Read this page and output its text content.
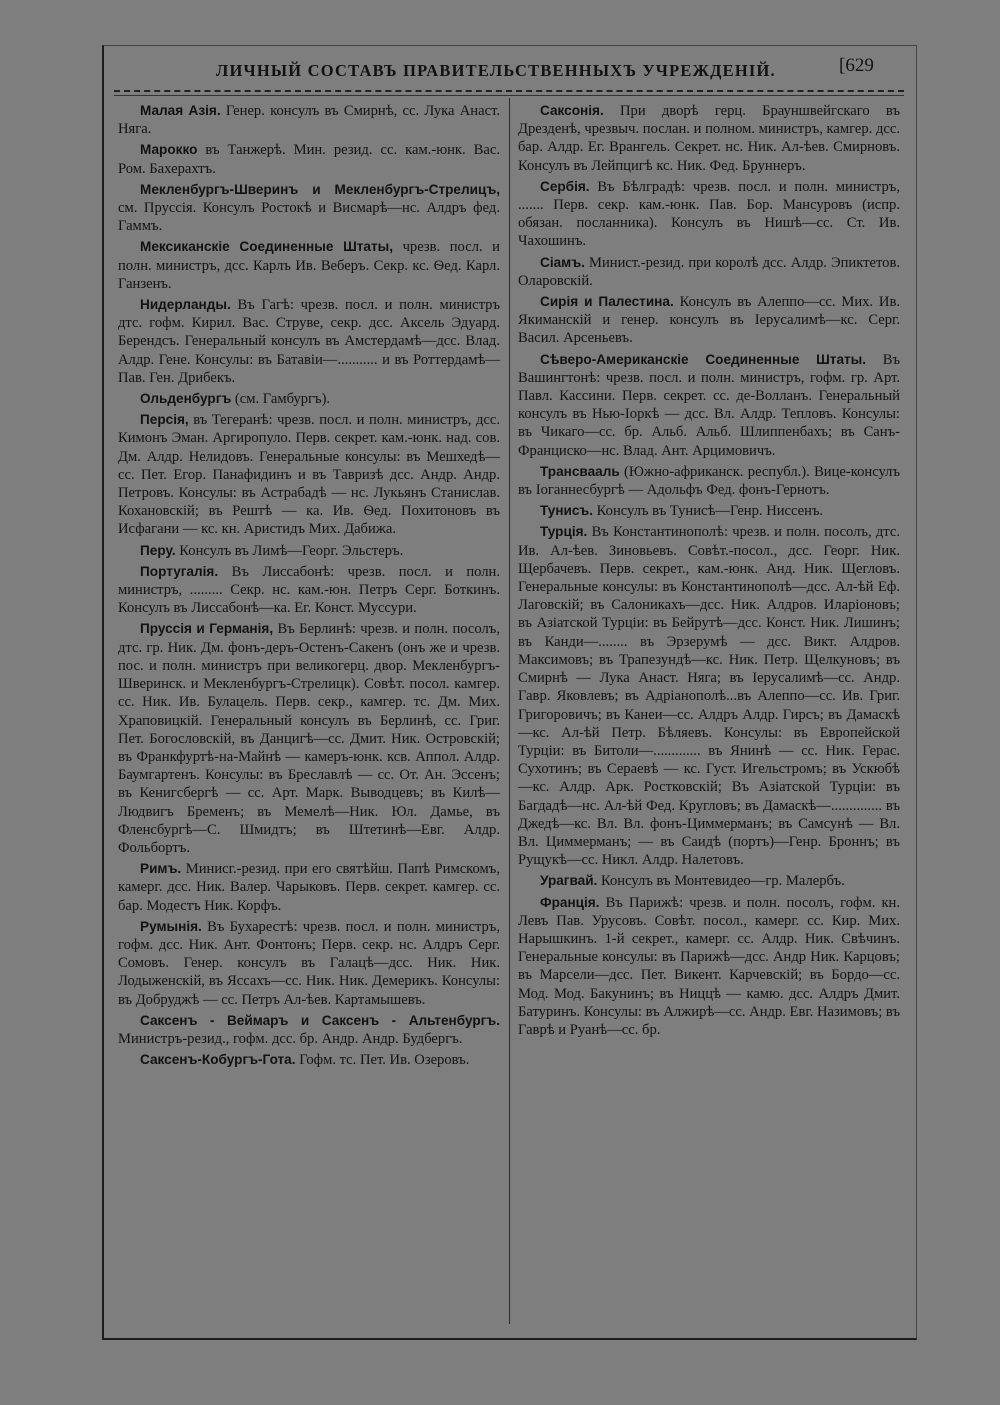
ЛИЧНЫЙ СОСТАВЪ ПРАВИТЕЛЬСТВЕННЫХЪ УЧРЕЖДЕНІЙ.	[629

Малая Азія. Генер. консулъ въ Смирнѣ, сс. Лука Анаст. Няга.

Марокко въ Танжерѣ. Мин. резид. сс. кам.-юнк. Вас. Ром. Бахерахтъ.

Мекленбургъ-Шверинъ и Мекленбургъ-Стрелицъ, см. Пруссія. Консулъ Ростокѣ и Висмарѣ—нс. Алдръ фед. Гаммъ.

Мексиканскіе Соединенные Штаты, чрезв. посл. и полн. министръ, дсс. Карлъ Ив. Веберъ. Секр. кс. Ѳед. Карл. Ганзенъ.

Нидерланды. Въ Гагѣ: чрезв. посл. и полн. министръ дтс. гофм. Кирил. Вас. Струве, секр. дсс. Аксель Эдуард. Берендсъ. Генеральный консулъ въ Амстердамѣ—дсс. Влад. Алдр. Гене. Консулы: въ Батавіи—........... и въ Роттердамѣ—Пав. Ген. Дрибекъ.

Ольденбургъ (см. Гамбургъ).

Персія, въ Тегеранѣ: чрезв. посл. и полн. министръ, дсс. Кимонъ Эман. Аргиропуло. Перв. секрет. кам.-юнк. над. сов. Дм. Алдр. Нелидовъ. Генеральные консулы: въ Мешхедѣ—сс. Пет. Егор. Панафидинъ и въ Тавризѣ дсс. Андр. Андр. Петровъ. Консулы: въ Астрабадѣ — нс. Лукьянъ Станислав. Кохановскій; въ Рештѣ — ка. Ив. Ѳед. Похитоновъ въ Исфагани — кс. кн. Аристидъ Мих. Дабижа.

Перу. Консулъ въ Лимѣ—Георг. Эльстеръ.

Португалія. Въ Лиссабонѣ: чрезв. посл. и полн. министръ, ......... Секр. нс. кам.-юн. Петръ Серг. Боткинъ. Консулъ въ Лиссабонѣ—ка. Ег. Конст. Муссури.

Пруссія и Германія, Въ Берлинѣ: чрезв. и полн. посолъ, дтс. гр. Ник. Дм. фонъ-деръ-Остенъ-Сакенъ (онъ же и чрезв. пос. и полн. министръ при великогерц. двор. Мекленбургъ-Шверинск. и Мекленбургъ-Стрелицк). Совѣт. посол. камгер. сс. Ник. Ив. Булацель. Перв. секр., камгер. тс. Дм. Мих. Храповицкій. Генеральный консулъ въ Берлинѣ, сс. Григ. Пет. Богословскій, въ Данцигѣ—сс. Дмит. Ник. Островскій; въ Франкфуртѣ-на-Майнѣ — камеръ-юнк. ксв. Аппол. Алдр. Баумгартенъ. Консулы: въ Бреславлѣ — сс. От. Ан. Эссенъ; въ Кенигсбергѣ — сс. Арт. Марк. Выводцевъ; въ Килѣ—Людвигъ Бременъ; въ Мемелѣ—Ник. Юл. Дамье, въ Фленсбургѣ—С. Шмидтъ; въ Штетинѣ—Евг. Алдр. Фольбортъ.

Римъ. Минисг.-резид. при его святѣйш. Папѣ Римскомъ, камерг. дсс. Ник. Валер. Чарыковъ. Перв. секрет. камгер. сс. бар. Модестъ Ник. Корфъ.

Румынія. Въ Бухарестѣ: чрезв. посл. и полн. министръ, гофм. дсс. Ник. Ант. Фонтонъ; Перв. секр. нс. Алдръ Серг. Сомовъ. Генер. консулъ въ Галацѣ—дсс. Ник. Ник. Лодыженскій, въ Яссахъ—сс. Ник. Ник. Демерикъ. Консулы: въ Добруджѣ — сс. Петръ Ал-ѣев. Картамышевъ.

Саксенъ - Веймаръ и Саксенъ - Альтенбургъ. Министръ-резид., гофм. дсс. бр. Андр. Андр. Будбергъ.

Саксенъ-Кобургъ-Гота. Гофм. тс. Пет. Ив. Озеровъ.

Саксонія. При дворѣ герц. Брауншвейгскаго въ Дрезденѣ, чрезвыч. послан. и полном. министръ, камгер. дсс. бар. Алдр. Ег. Врангель. Секрет. нс. Ник. Ал-ѣев. Смирновъ. Консулъ въ Лейпцигѣ кс. Ник. Фед. Бруннеръ.

Сербія. Въ Бѣлградѣ: чрезв. посл. и полн. министръ, ....... Перв. секр. кам.-юнк. Пав. Бор. Мансуровъ (испр. обязан. посланника). Консулъ въ Нишѣ—сс. Ст. Ив. Чахошинъ.

Сіамъ. Минист.-резид. при королѣ дсс. Алдр. Эпиктетов. Оларовскій.

Сирія и Палестина. Консулъ въ Алеппо—сс. Мих. Ив. Якиманскій и генер. консулъ въ Іерусалимѣ—кс. Серг. Васил. Арсеньевъ.

Сѣверо-Американскіе Соединенные Штаты. Въ Вашингтонѣ: чрезв. посл. и полн. министръ, гофм. гр. Арт. Павл. Кассини. Перв. секрет. сс. де-Волланъ. Генеральный консулъ въ Нью-Іоркѣ — дсс. Вл. Алдр. Тепловъ. Консулы: въ Чикаго—сс. бр. Альб. Альб. Шлиппенбахъ; въ Санъ-Франциско—нс. Влад. Ант. Арцимовичъ.

Трансвааль (Южно-африканск. республ.). Вице-консулъ въ Іоганнесбургѣ — Адольфъ Фед. фонъ-Гернотъ.

Тунисъ. Консулъ въ Тунисѣ—Генр. Ниссенъ.

Турція. Въ Константинополѣ: чрезв. и полн. посолъ, дтс. Ив. Ал-ѣев. Зиновьевъ. Совѣт.-посол., дсс. Георг. Ник. Щербачевъ. Перв. секрет., кам.-юнк. Анд. Ник. Щегловъ. Генеральные консулы: въ Константинополѣ—дсс. Ал-ѣй Еф. Лаговскій; въ Салоникахъ—дсс. Ник. Алдров. Иларіоновъ; въ Азіатской Турціи: въ Бейрутѣ—дсс. Конст. Ник. Лишинъ; въ Канди—........ въ Эрзерумѣ — дсс. Викт. Алдров. Максимовъ; въ Трапезундѣ—кс. Ник. Петр. Щелкуновъ; въ Смирнѣ — Лука Анаст. Няга; въ Іерусалимѣ—сс. Андр. Гавр. Яковлевъ; въ Адріанополѣ...въ Алеппо—сс. Ив. Григ. Григоровичъ; въ Канеи—сс. Алдръ Алдр. Гирсъ; въ Дамаскѣ—кс. Ал-ѣй Петр. Бѣляевъ. Консулы: въ Европейской Турціи: въ Битоли—............. въ Янинѣ — сс. Ник. Герас. Сухотинъ; въ Сераевѣ — кс. Густ. Игельстромъ; въ Ускюбѣ—кс. Алдр. Арк. Ростковскій; Въ Азіатской Турціи: въ Багдадѣ—нс. Ал-ѣй Фед. Кругловъ; въ Дамаскѣ—.............. въ Джедѣ—кс. Вл. Вл. фонъ-Циммерманъ; въ Самсунѣ — Вл. Вл. Циммерманъ; — въ Саидѣ (портъ)—Генр. Броннъ; въ Рущукѣ—сс. Никл. Алдр. Налетовъ.

Урагвай. Консулъ въ Монтевидео—гр. Малербъ.

Франція. Въ Парижѣ: чрезв. и полн. посолъ, гофм. кн. Левъ Пав. Урусовъ. Совѣт. посол., камерг. сс. Кир. Мих. Нарышкинъ. 1-й секрет., камерг. сс. Алдр. Ник. Свѣчинъ. Генеральные консулы: въ Парижѣ—дсс. Андр Ник. Карцовъ; въ Марсели—дсс. Пет. Викент. Карчевскій; въ Бордо—сс. Мод. Мод. Бакунинъ; въ Ниццѣ — камю. дсс. Алдръ Дмит. Батуринъ. Консулы: въ Алжирѣ—сс. Андр. Евг. Назимовъ; въ Гаврѣ и Руанѣ—сс. бр.
